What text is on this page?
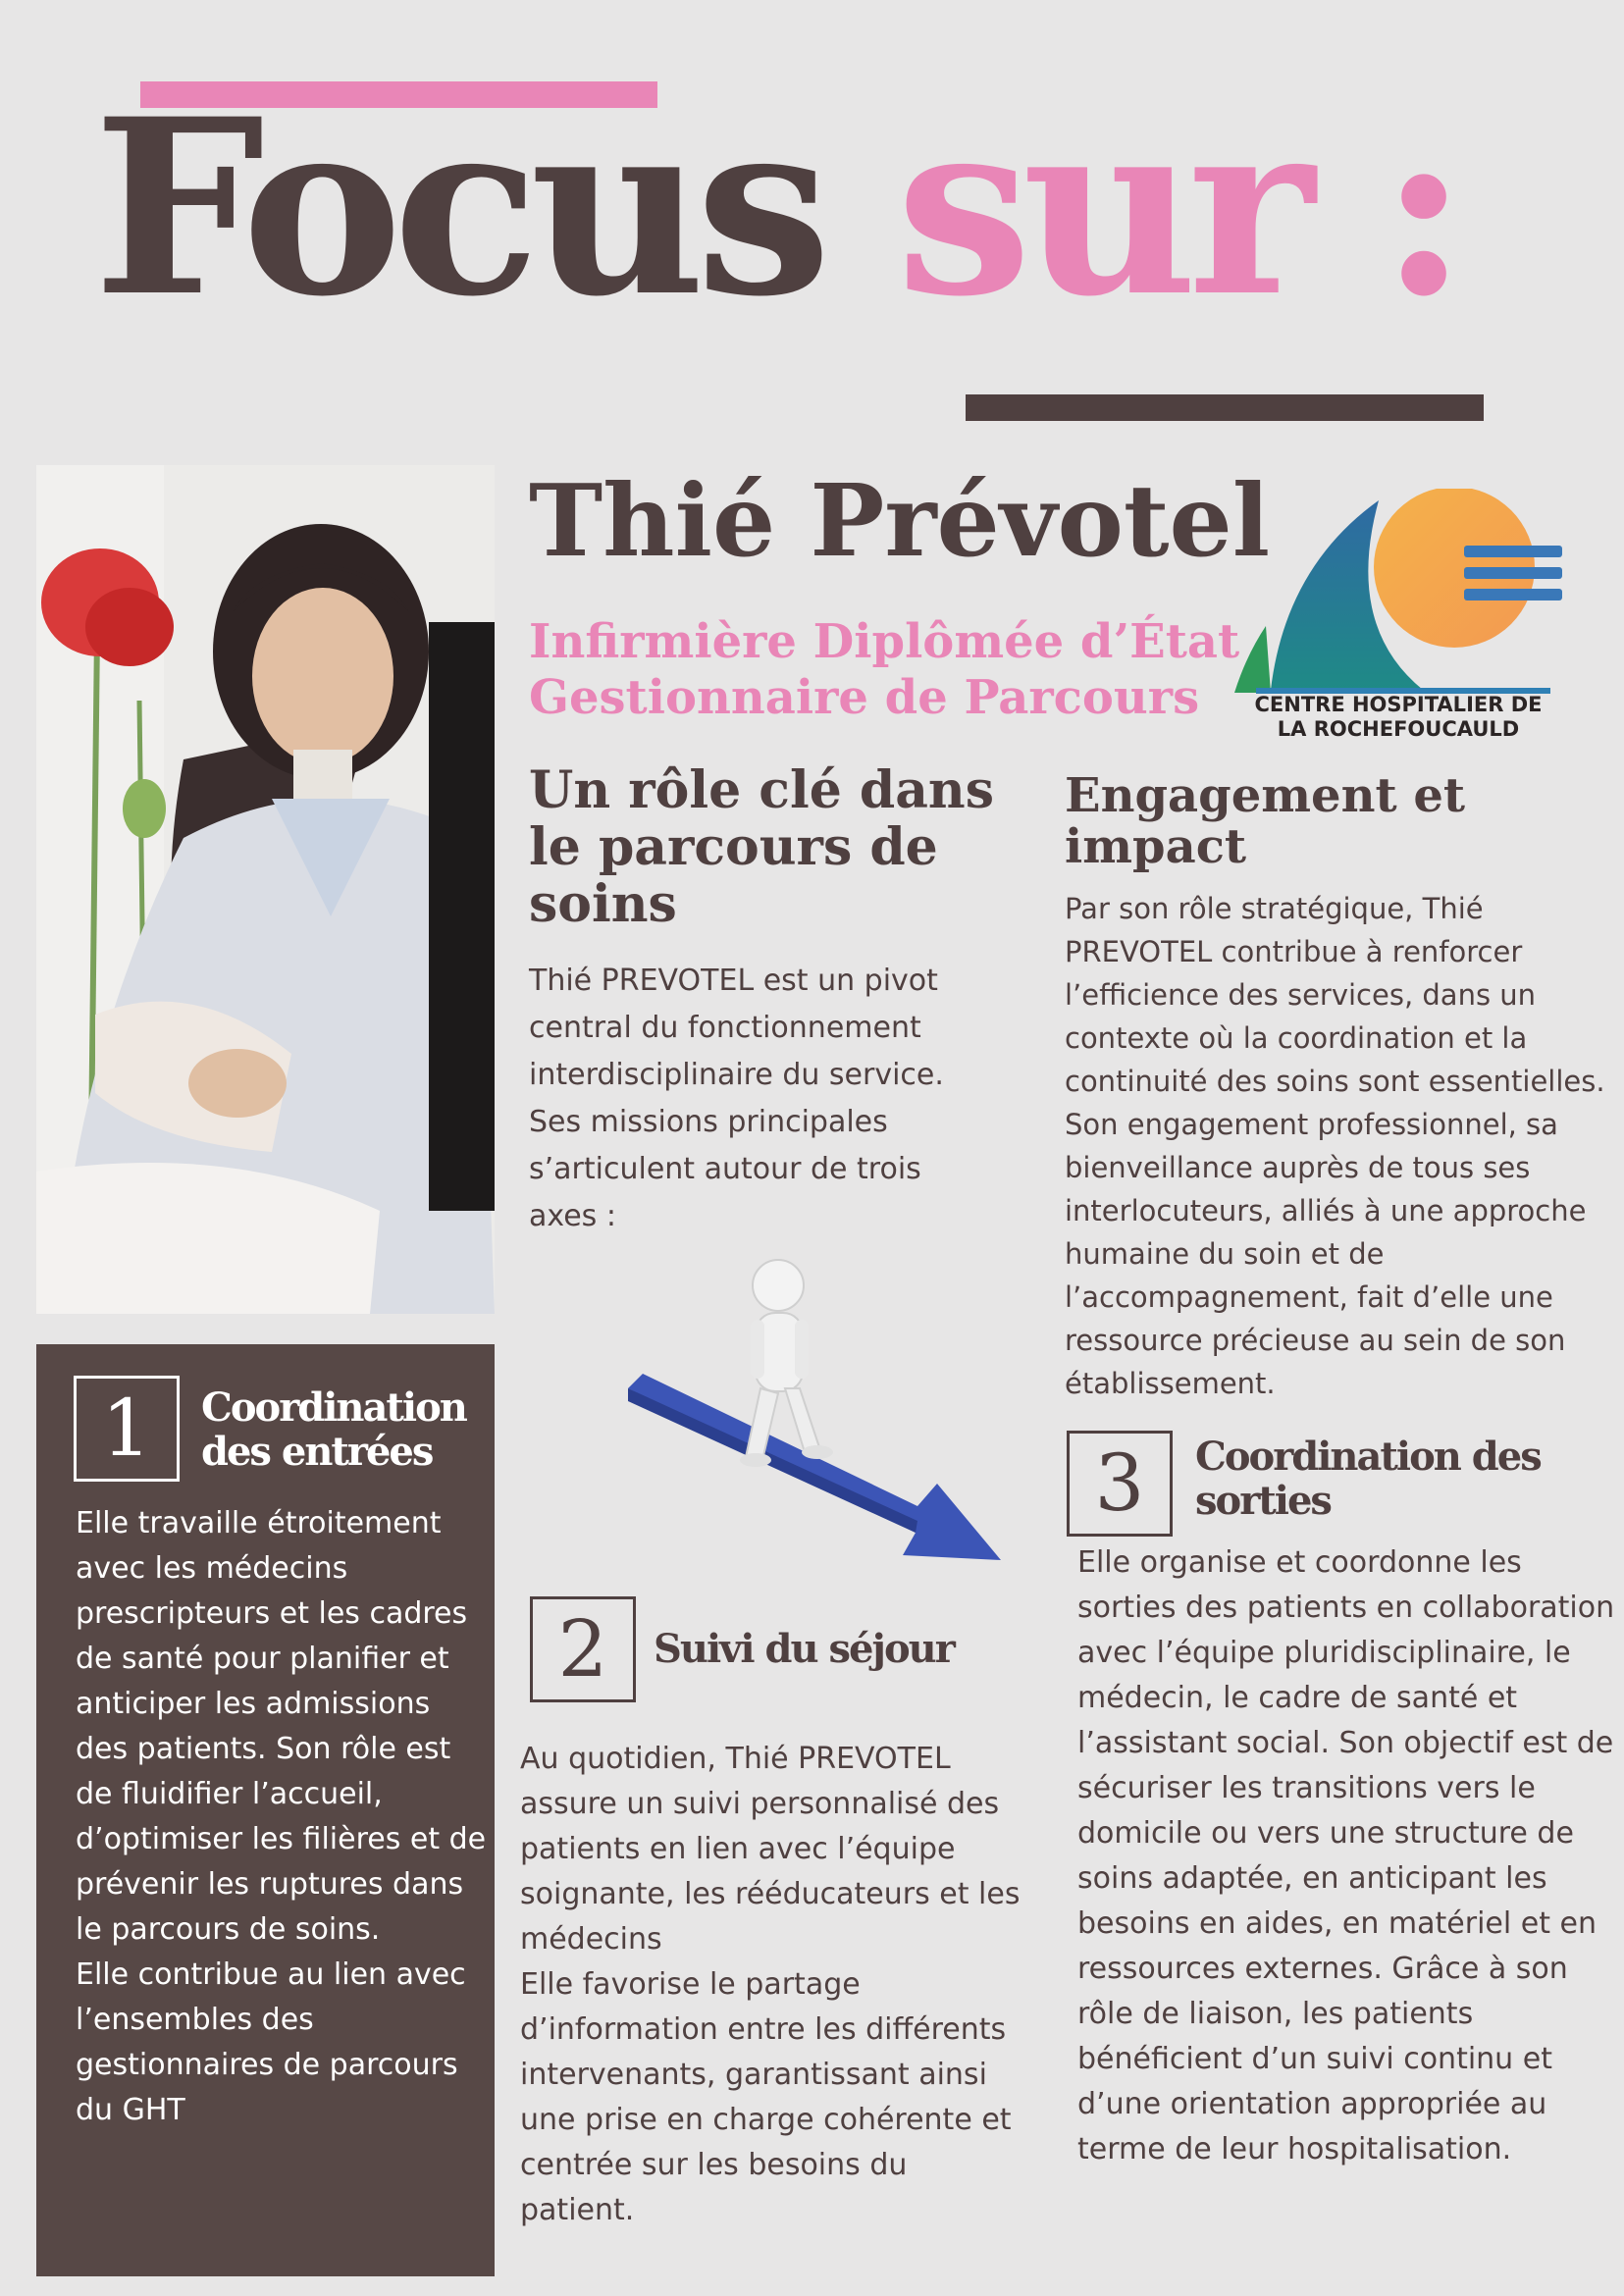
Focus sur :
Thié Prévotel
Infirmière Diplômée d’État
Gestionnaire de Parcours	CENTRE HOSPITALIER DE
LA ROCHEFOUCAULD
Un rôle clé dans
le parcours de
soins
Thié PREVOTEL est un pivot central du fonctionnement interdisciplinaire du service. Ses missions principales s’articulent autour de trois axes :
Engagement et
impact
Par son rôle stratégique, Thié PREVOTEL contribue à renforcer l’efficience des services, dans un contexte où la coordination et la continuité des soins sont essentielles. Son engagement professionnel, sa bienveillance auprès de tous ses interlocuteurs, alliés à une approche humaine du soin et de l’accompagnement, fait d’elle une ressource précieuse au sein de son établissement.
1	Coordination
des entrées

Elle travaille étroitement avec les médecins prescripteurs et les cadres de santé pour planifier et anticiper les admissions des patients. Son rôle est de fluidifier l’accueil, d’optimiser les filières et de prévenir les ruptures dans le parcours de soins.

Elle contribue au lien avec l’ensembles des gestionnaires de parcours du GHT

2	Suivi du séjour

Au quotidien, Thié PREVOTEL assure un suivi personnalisé des patients en lien avec l’équipe soignante, les rééducateurs et les médecins

Elle favorise le partage d’information entre les différents intervenants, garantissant ainsi une prise en charge cohérente et centrée sur les besoins du patient.

3	Coordination des
sorties
Elle organise et coordonne les sorties des patients en collaboration avec l’équipe pluridisciplinaire, le médecin, le cadre de santé et l’assistant social. Son objectif est de sécuriser les transitions vers le domicile ou vers une structure de soins adaptée, en anticipant les besoins en aides, en matériel et en ressources externes. Grâce à son rôle de liaison, les patients bénéficient d’un suivi continu et d’une orientation appropriée au terme de leur hospitalisation.
